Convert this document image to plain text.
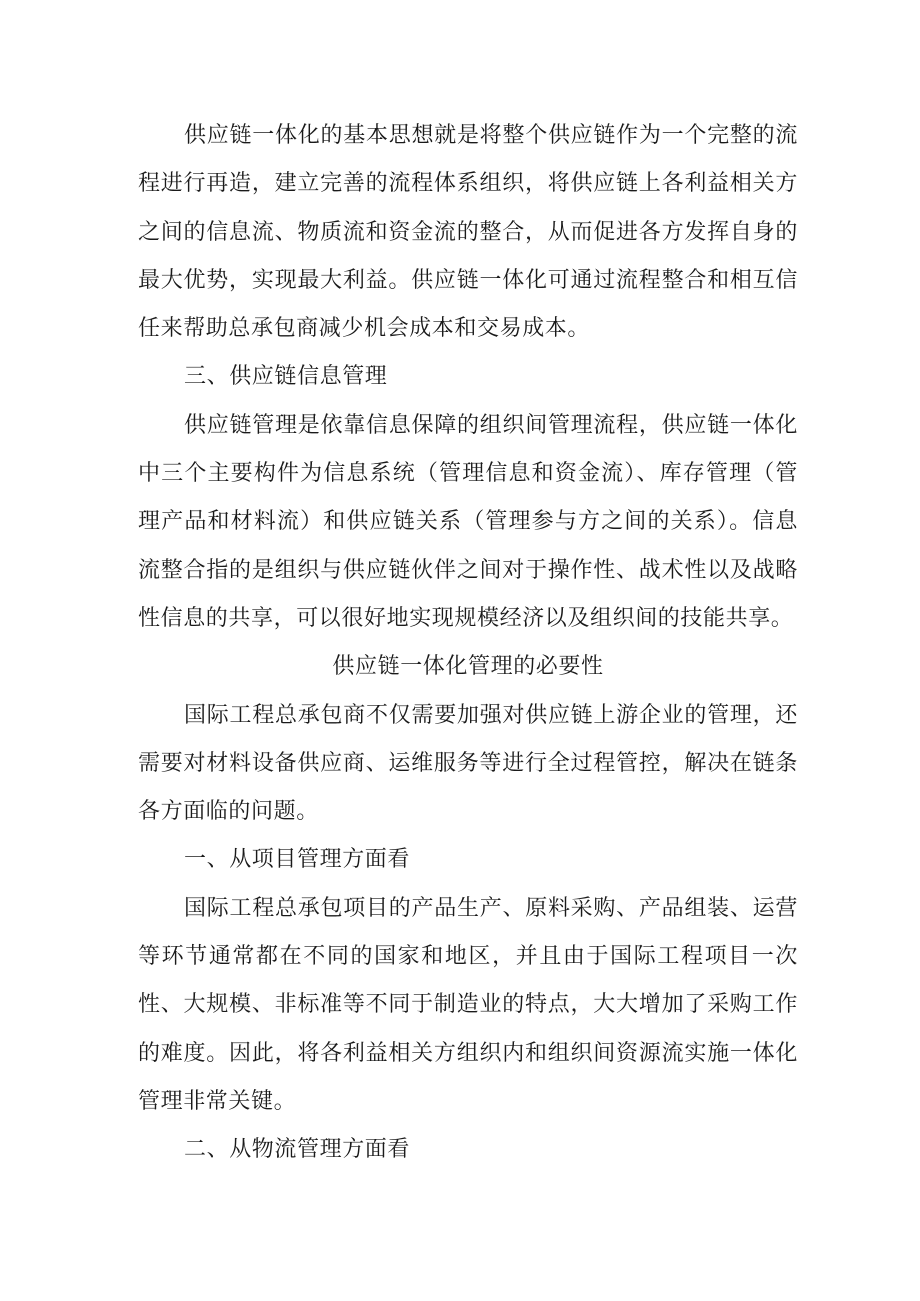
供应链一体化的基本思想就是将整个供应链作为一个完整的流程进行再造，建立完善的流程体系组织，将供应链上各利益相关方之间的信息流、物质流和资金流的整合，从而促进各方发挥自身的最大优势，实现最大利益。供应链一体化可通过流程整合和相互信任来帮助总承包商减少机会成本和交易成本。

三、供应链信息管理

供应链管理是依靠信息保障的组织间管理流程，供应链一体化中三个主要构件为信息系统（管理信息和资金流）、库存管理（管理产品和材料流）和供应链关系（管理参与方之间的关系）。信息流整合指的是组织与供应链伙伴之间对于操作性、战术性以及战略性信息的共享，可以很好地实现规模经济以及组织间的技能共享。

供应链一体化管理的必要性

国际工程总承包商不仅需要加强对供应链上游企业的管理，还需要对材料设备供应商、运维服务等进行全过程管控，解决在链条各方面临的问题。

一、从项目管理方面看

国际工程总承包项目的产品生产、原料采购、产品组装、运营等环节通常都在不同的国家和地区，并且由于国际工程项目一次性、大规模、非标准等不同于制造业的特点，大大增加了采购工作的难度。因此，将各利益相关方组织内和组织间资源流实施一体化管理非常关键。

二、从物流管理方面看
